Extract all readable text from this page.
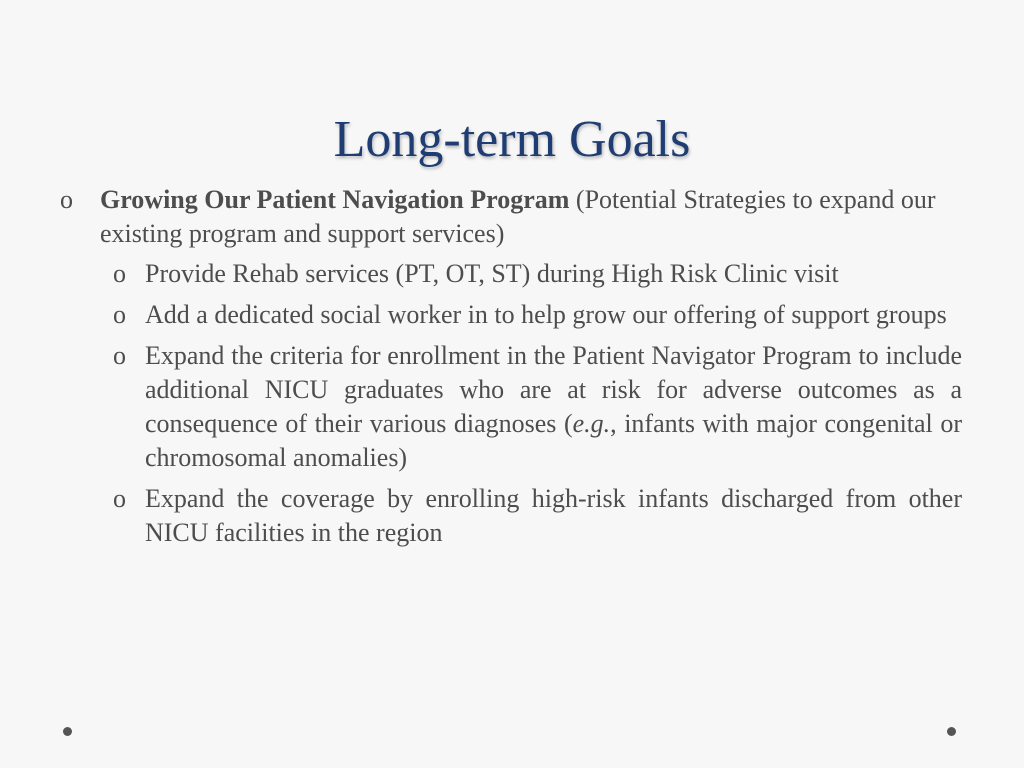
Long-term Goals
o Growing Our Patient Navigation Program (Potential Strategies to expand our existing program and support services)
o Provide Rehab services (PT, OT, ST) during High Risk Clinic visit
o Add a dedicated social worker in to help grow our offering of support groups
o Expand the criteria for enrollment in the Patient Navigator Program to include additional NICU graduates who are at risk for adverse outcomes as a consequence of their various diagnoses (e.g., infants with major congenital or chromosomal anomalies)
o Expand the coverage by enrolling high-risk infants discharged from other NICU facilities in the region
